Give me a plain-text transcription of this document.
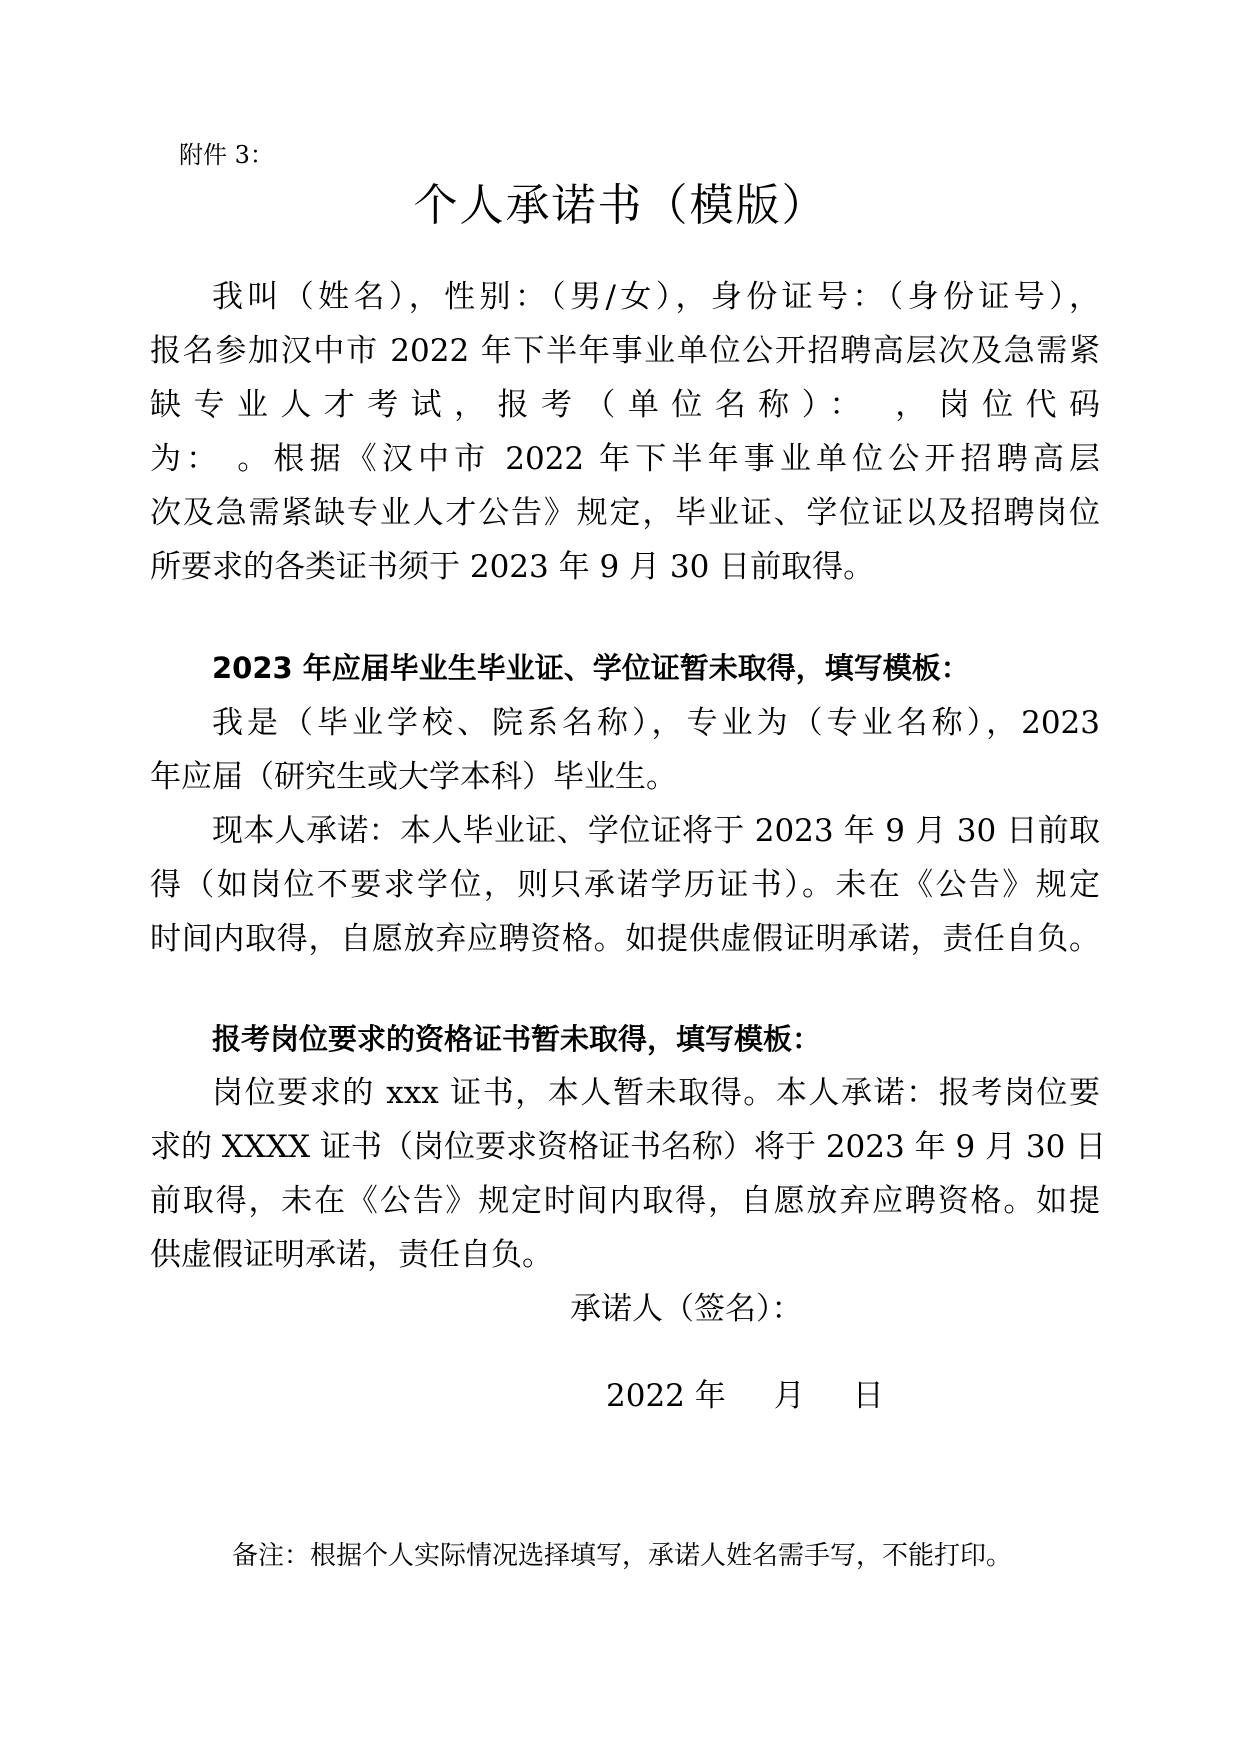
附件 3：
个人承诺书（模版）
我叫（姓名），性别：（男/女），身份证号：（身份证号），
报名参加汉中市 2022 年下半年事业单位公开招聘高层次及急需紧
缺专业人才考试，报考（单位名称）： ，岗位代码
为： 。根据《汉中市 2022 年下半年事业单位公开招聘高层
次及急需紧缺专业人才公告》规定，毕业证、学位证以及招聘岗位
所要求的各类证书须于 2023 年 9 月 30 日前取得。
2023 年应届毕业生毕业证、学位证暂未取得，填写模板：
我是（毕业学校、院系名称），专业为（专业名称），2023
年应届（研究生或大学本科）毕业生。
现本人承诺：本人毕业证、学位证将于 2023 年 9 月 30 日前取
得（如岗位不要求学位，则只承诺学历证书）。未在《公告》规定
时间内取得，自愿放弃应聘资格。如提供虚假证明承诺，责任自负。
报考岗位要求的资格证书暂未取得，填写模板：
岗位要求的 xxx 证书，本人暂未取得。本人承诺：报考岗位要
求的 XXXX 证书（岗位要求资格证书名称）将于 2023 年 9 月 30 日
前取得，未在《公告》规定时间内取得，自愿放弃应聘资格。如提
供虚假证明承诺，责任自负。
承诺人（签名）：
2022 年 月 日
备注：根据个人实际情况选择填写，承诺人姓名需手写，不能打印。
